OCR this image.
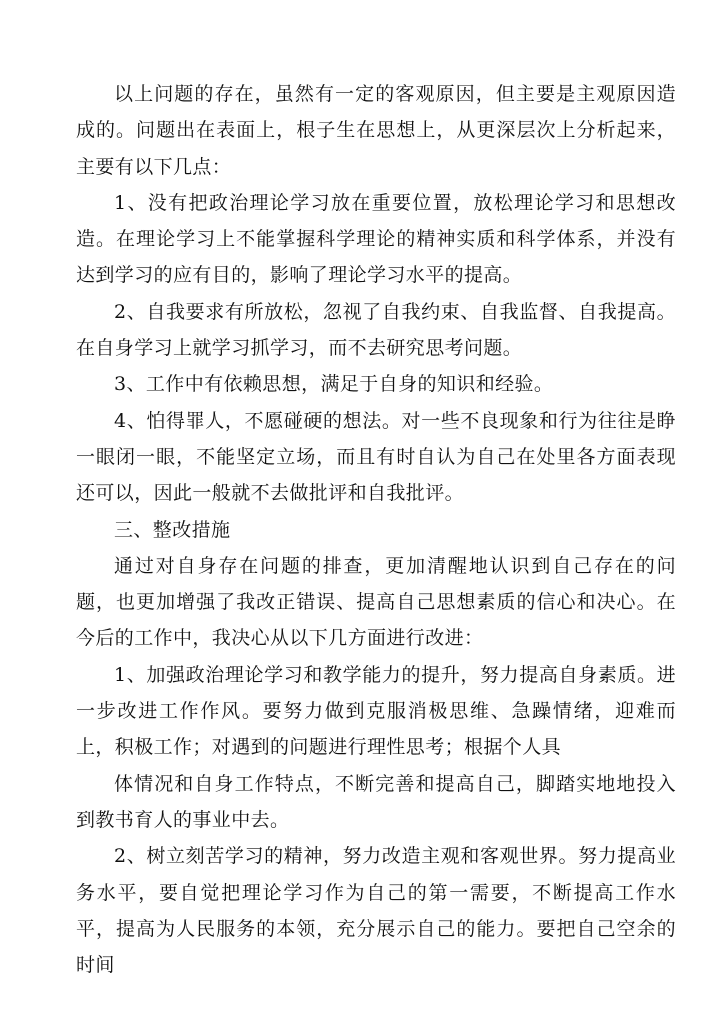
以上问题的存在，虽然有一定的客观原因，但主要是主观原因造成的。问题出在表面上，根子生在思想上，从更深层次上分析起来，主要有以下几点：

1、没有把政治理论学习放在重要位置，放松理论学习和思想改造。在理论学习上不能掌握科学理论的精神实质和科学体系，并没有达到学习的应有目的，影响了理论学习水平的提高。

2、自我要求有所放松，忽视了自我约束、自我监督、自我提高。在自身学习上就学习抓学习，而不去研究思考问题。

3、工作中有依赖思想，满足于自身的知识和经验。

4、怕得罪人，不愿碰硬的想法。对一些不良现象和行为往往是睁一眼闭一眼，不能坚定立场，而且有时自认为自己在处里各方面表现还可以，因此一般就不去做批评和自我批评。

三、整改措施

通过对自身存在问题的排查，更加清醒地认识到自己存在的问题，也更加增强了我改正错误、提高自己思想素质的信心和决心。在今后的工作中，我决心从以下几方面进行改进：

1、加强政治理论学习和教学能力的提升，努力提高自身素质。进一步改进工作作风。要努力做到克服消极思维、急躁情绪，迎难而上，积极工作；对遇到的问题进行理性思考；根据个人具

体情况和自身工作特点，不断完善和提高自己，脚踏实地地投入到教书育人的事业中去。

2、树立刻苦学习的精神，努力改造主观和客观世界。努力提高业务水平，要自觉把理论学习作为自己的第一需要，不断提高工作水平，提高为人民服务的本领，充分展示自己的能力。要把自己空余的时间
